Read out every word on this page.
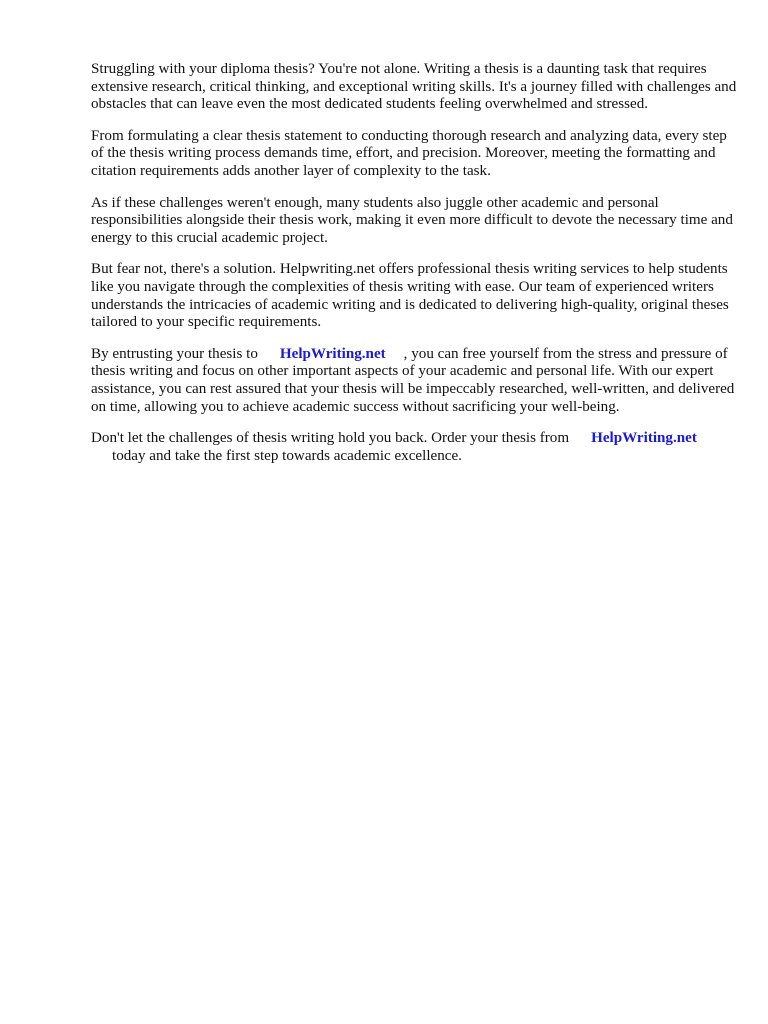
Struggling with your diploma thesis? You're not alone. Writing a thesis is a daunting task that requires extensive research, critical thinking, and exceptional writing skills. It's a journey filled with challenges and obstacles that can leave even the most dedicated students feeling overwhelmed and stressed.

From formulating a clear thesis statement to conducting thorough research and analyzing data, every step of the thesis writing process demands time, effort, and precision. Moreover, meeting the formatting and citation requirements adds another layer of complexity to the task.

As if these challenges weren't enough, many students also juggle other academic and personal responsibilities alongside their thesis work, making it even more difficult to devote the necessary time and energy to this crucial academic project.

But fear not, there's a solution. Helpwriting.net offers professional thesis writing services to help students like you navigate through the complexities of thesis writing with ease. Our team of experienced writers understands the intricacies of academic writing and is dedicated to delivering high-quality, original theses tailored to your specific requirements.

By entrusting your thesis to HelpWriting.net , you can free yourself from the stress and pressure of thesis writing and focus on other important aspects of your academic and personal life. With our expert assistance, you can rest assured that your thesis will be impeccably researched, well-written, and delivered on time, allowing you to achieve academic success without sacrificing your well-being.

Don't let the challenges of thesis writing hold you back. Order your thesis from HelpWriting.net
today and take the first step towards academic excellence.
